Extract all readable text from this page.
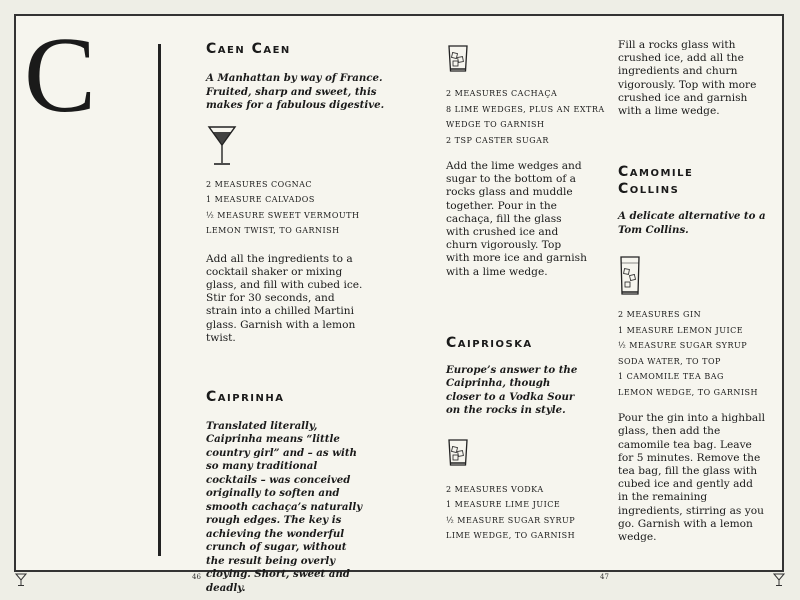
C	Caen Caen

A Manhattan by way of France. Fruited, sharp and sweet, this makes for a fabulous digestive.

2 MEASURES COGNAC
1 MEASURE CALVADOS
½ MEASURE SWEET VERMOUTH
LEMON TWIST, TO GARNISH

Add all the ingredients to a cocktail shaker or mixing glass, and fill with cubed ice. Stir for 30 seconds, and strain into a chilled Martini glass. Garnish with a lemon twist.

Caiprinha

Translated literally, Caiprinha means “little country girl” and – as with so many traditional cocktails – was conceived originally to soften and smooth cachaça’s naturally rough edges. The key is achieving the wonderful crunch of sugar, without the result being overly cloying. Short, sweet and deadly.

2 MEASURES CACHAÇA
8 LIME WEDGES, PLUS AN EXTRA WEDGE TO GARNISH
2 TSP CASTER SUGAR

Add the lime wedges and sugar to the bottom of a rocks glass and muddle together. Pour in the cachaça, fill the glass with crushed ice and churn vigorously. Top with more ice and garnish with a lime wedge.

Caiprioska

Europe’s answer to the Caiprinha, though closer to a Vodka Sour on the rocks in style.

2 MEASURES VODKA
1 MEASURE LIME JUICE
½ MEASURE SUGAR SYRUP
LIME WEDGE, TO GARNISH

Fill a rocks glass with crushed ice, add all the ingredients and churn vigorously. Top with more crushed ice and garnish with a lime wedge.

Camomile Collins

A delicate alternative to a Tom Collins.

2 MEASURES GIN
1 MEASURE LEMON JUICE
½ MEASURE SUGAR SYRUP
SODA WATER, TO TOP
1 CAMOMILE TEA BAG
LEMON WEDGE, TO GARNISH

Pour the gin into a highball glass, then add the camomile tea bag. Leave for 5 minutes. Remove the tea bag, fill the glass with cubed ice and gently add in the remaining ingredients, stirring as you go. Garnish with a lemon wedge.

46	47
